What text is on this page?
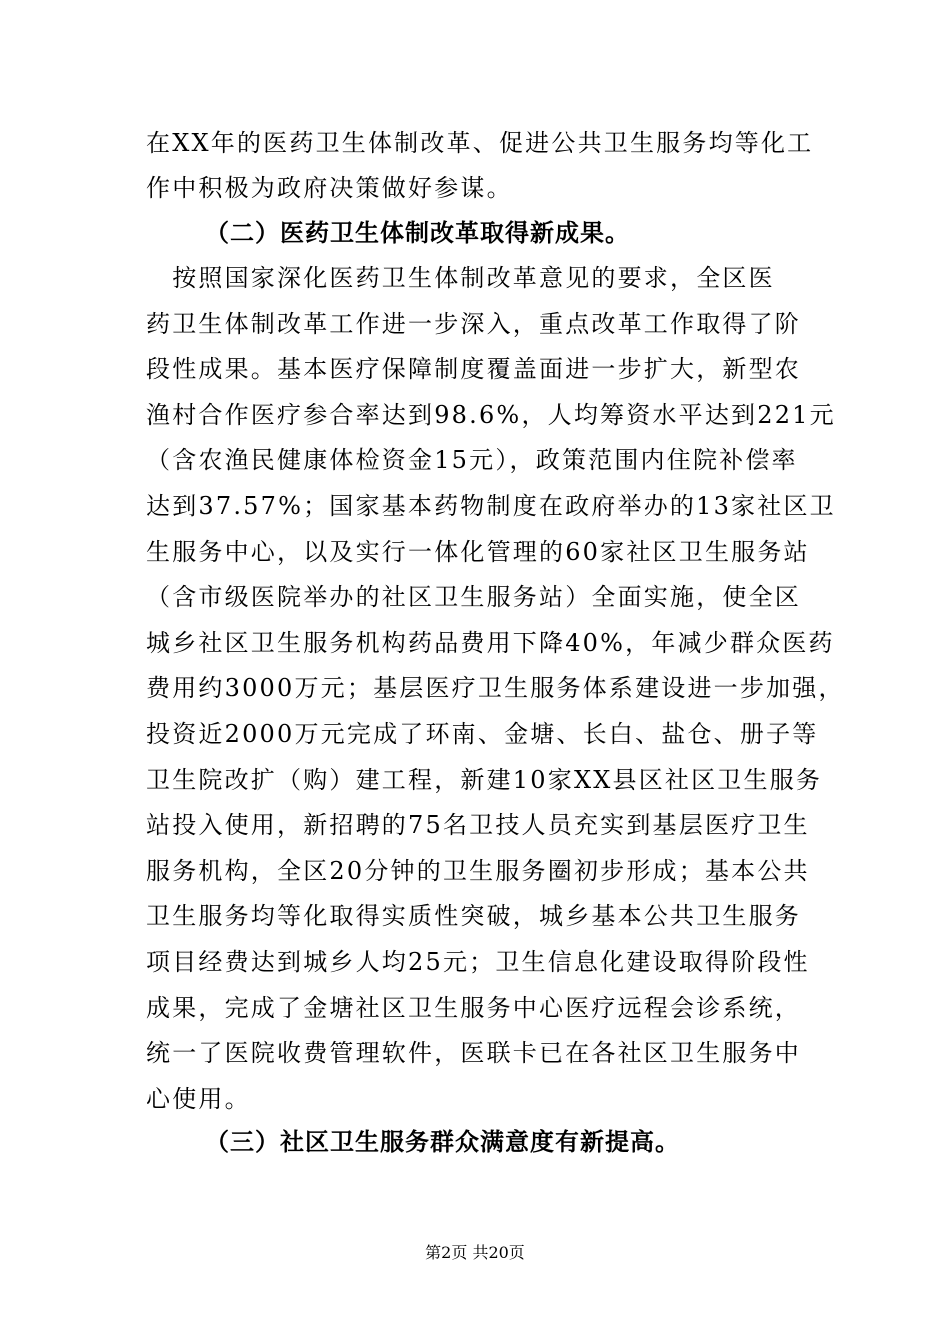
在XX年的医药卫生体制改革、促进公共卫生服务均等化工
作中积极为政府决策做好参谋。
（二）医药卫生体制改革取得新成果。
　按照国家深化医药卫生体制改革意见的要求，全区医
药卫生体制改革工作进一步深入，重点改革工作取得了阶
段性成果。基本医疗保障制度覆盖面进一步扩大，新型农
渔村合作医疗参合率达到98.6%，人均筹资水平达到221元
（含农渔民健康体检资金15元），政策范围内住院补偿率
达到37.57%；国家基本药物制度在政府举办的13家社区卫
生服务中心，以及实行一体化管理的60家社区卫生服务站
（含市级医院举办的社区卫生服务站）全面实施，使全区
城乡社区卫生服务机构药品费用下降40%，年减少群众医药
费用约3000万元；基层医疗卫生服务体系建设进一步加强，
投资近2000万元完成了环南、金塘、长白、盐仓、册子等
卫生院改扩（购）建工程，新建10家XX县区社区卫生服务
站投入使用，新招聘的75名卫技人员充实到基层医疗卫生
服务机构，全区20分钟的卫生服务圈初步形成；基本公共
卫生服务均等化取得实质性突破，城乡基本公共卫生服务
项目经费达到城乡人均25元；卫生信息化建设取得阶段性
成果，完成了金塘社区卫生服务中心医疗远程会诊系统，
统一了医院收费管理软件，医联卡已在各社区卫生服务中
心使用。
（三）社区卫生服务群众满意度有新提高。
第2页 共20页
